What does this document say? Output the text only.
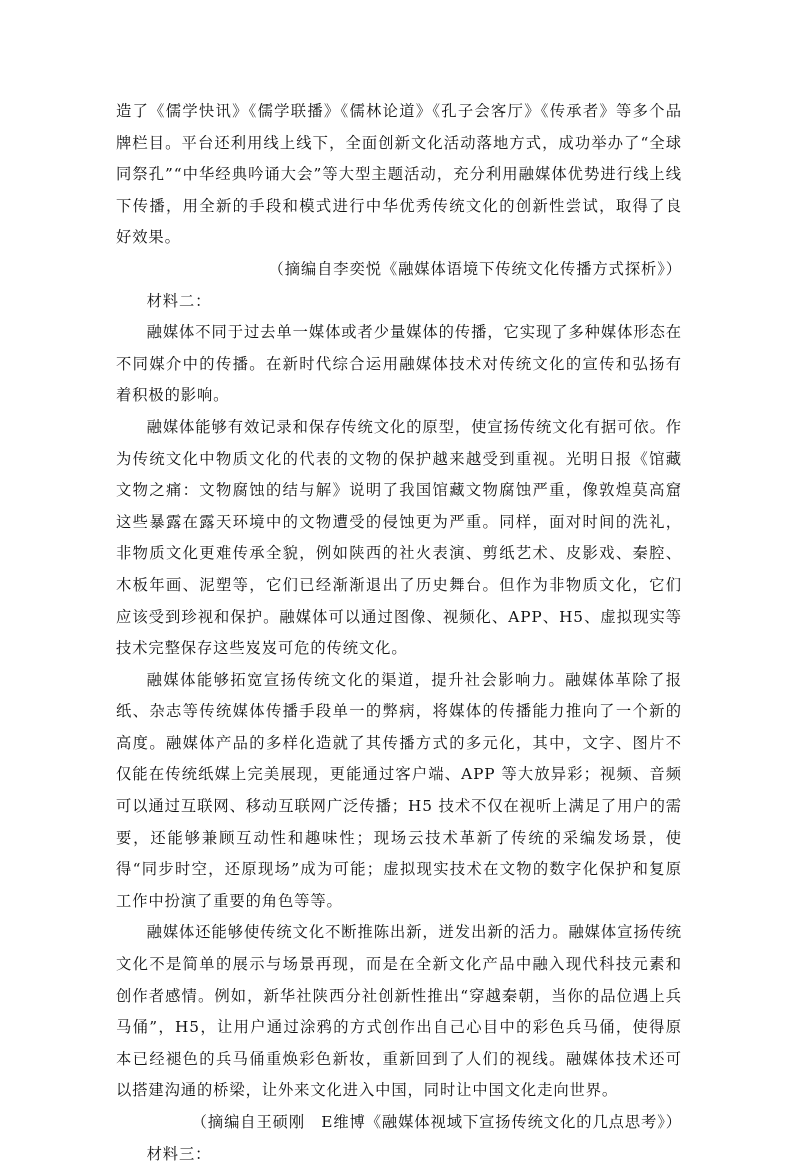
造了《儒学快讯》《儒学联播》《儒林论道》《孔子会客厅》《传承者》等多个品牌栏目。平台还利用线上线下，全面创新文化活动落地方式，成功举办了“全球同祭孔”“中华经典吟诵大会”等大型主题活动，充分利用融媒体优势进行线上线下传播，用全新的手段和模式进行中华优秀传统文化的创新性尝试，取得了良好效果。

（摘编自李奕悦《融媒体语境下传统文化传播方式探析》）

材料二：

融媒体不同于过去单一媒体或者少量媒体的传播，它实现了多种媒体形态在不同媒介中的传播。在新时代综合运用融媒体技术对传统文化的宣传和弘扬有着积极的影响。

融媒体能够有效记录和保存传统文化的原型，使宣扬传统文化有据可依。作为传统文化中物质文化的代表的文物的保护越来越受到重视。光明日报《馆藏文物之痛：文物腐蚀的结与解》说明了我国馆藏文物腐蚀严重，像敦煌莫高窟这些暴露在露天环境中的文物遭受的侵蚀更为严重。同样，面对时间的洗礼，非物质文化更难传承全貌，例如陕西的社火表演、剪纸艺术、皮影戏、秦腔、木板年画、泥塑等，它们已经渐渐退出了历史舞台。但作为非物质文化，它们应该受到珍视和保护。融媒体可以通过图像、视频化、APP、H5、虚拟现实等技术完整保存这些岌岌可危的传统文化。

融媒体能够拓宽宣扬传统文化的渠道，提升社会影响力。融媒体革除了报纸、杂志等传统媒体传播手段单一的弊病，将媒体的传播能力推向了一个新的高度。融媒体产品的多样化造就了其传播方式的多元化，其中，文字、图片不仅能在传统纸媒上完美展现，更能通过客户端、APP 等大放异彩；视频、音频可以通过互联网、移动互联网广泛传播；H5 技术不仅在视听上满足了用户的需要，还能够兼顾互动性和趣味性；现场云技术革新了传统的采编发场景，使得“同步时空，还原现场”成为可能；虚拟现实技术在文物的数字化保护和复原工作中扮演了重要的角色等等。

融媒体还能够使传统文化不断推陈出新，迸发出新的活力。融媒体宣扬传统文化不是简单的展示与场景再现，而是在全新文化产品中融入现代科技元素和创作者感情。例如，新华社陕西分社创新性推出“穿越秦朝，当你的品位遇上兵马俑”，H5，让用户通过涂鸦的方式创作出自己心目中的彩色兵马俑，使得原本已经褪色的兵马俑重焕彩色新妆，重新回到了人们的视线。融媒体技术还可以搭建沟通的桥梁，让外来文化进入中国，同时让中国文化走向世界。

（摘编自王硕刚　E维博《融媒体视域下宣扬传统文化的几点思考》）

材料三：
